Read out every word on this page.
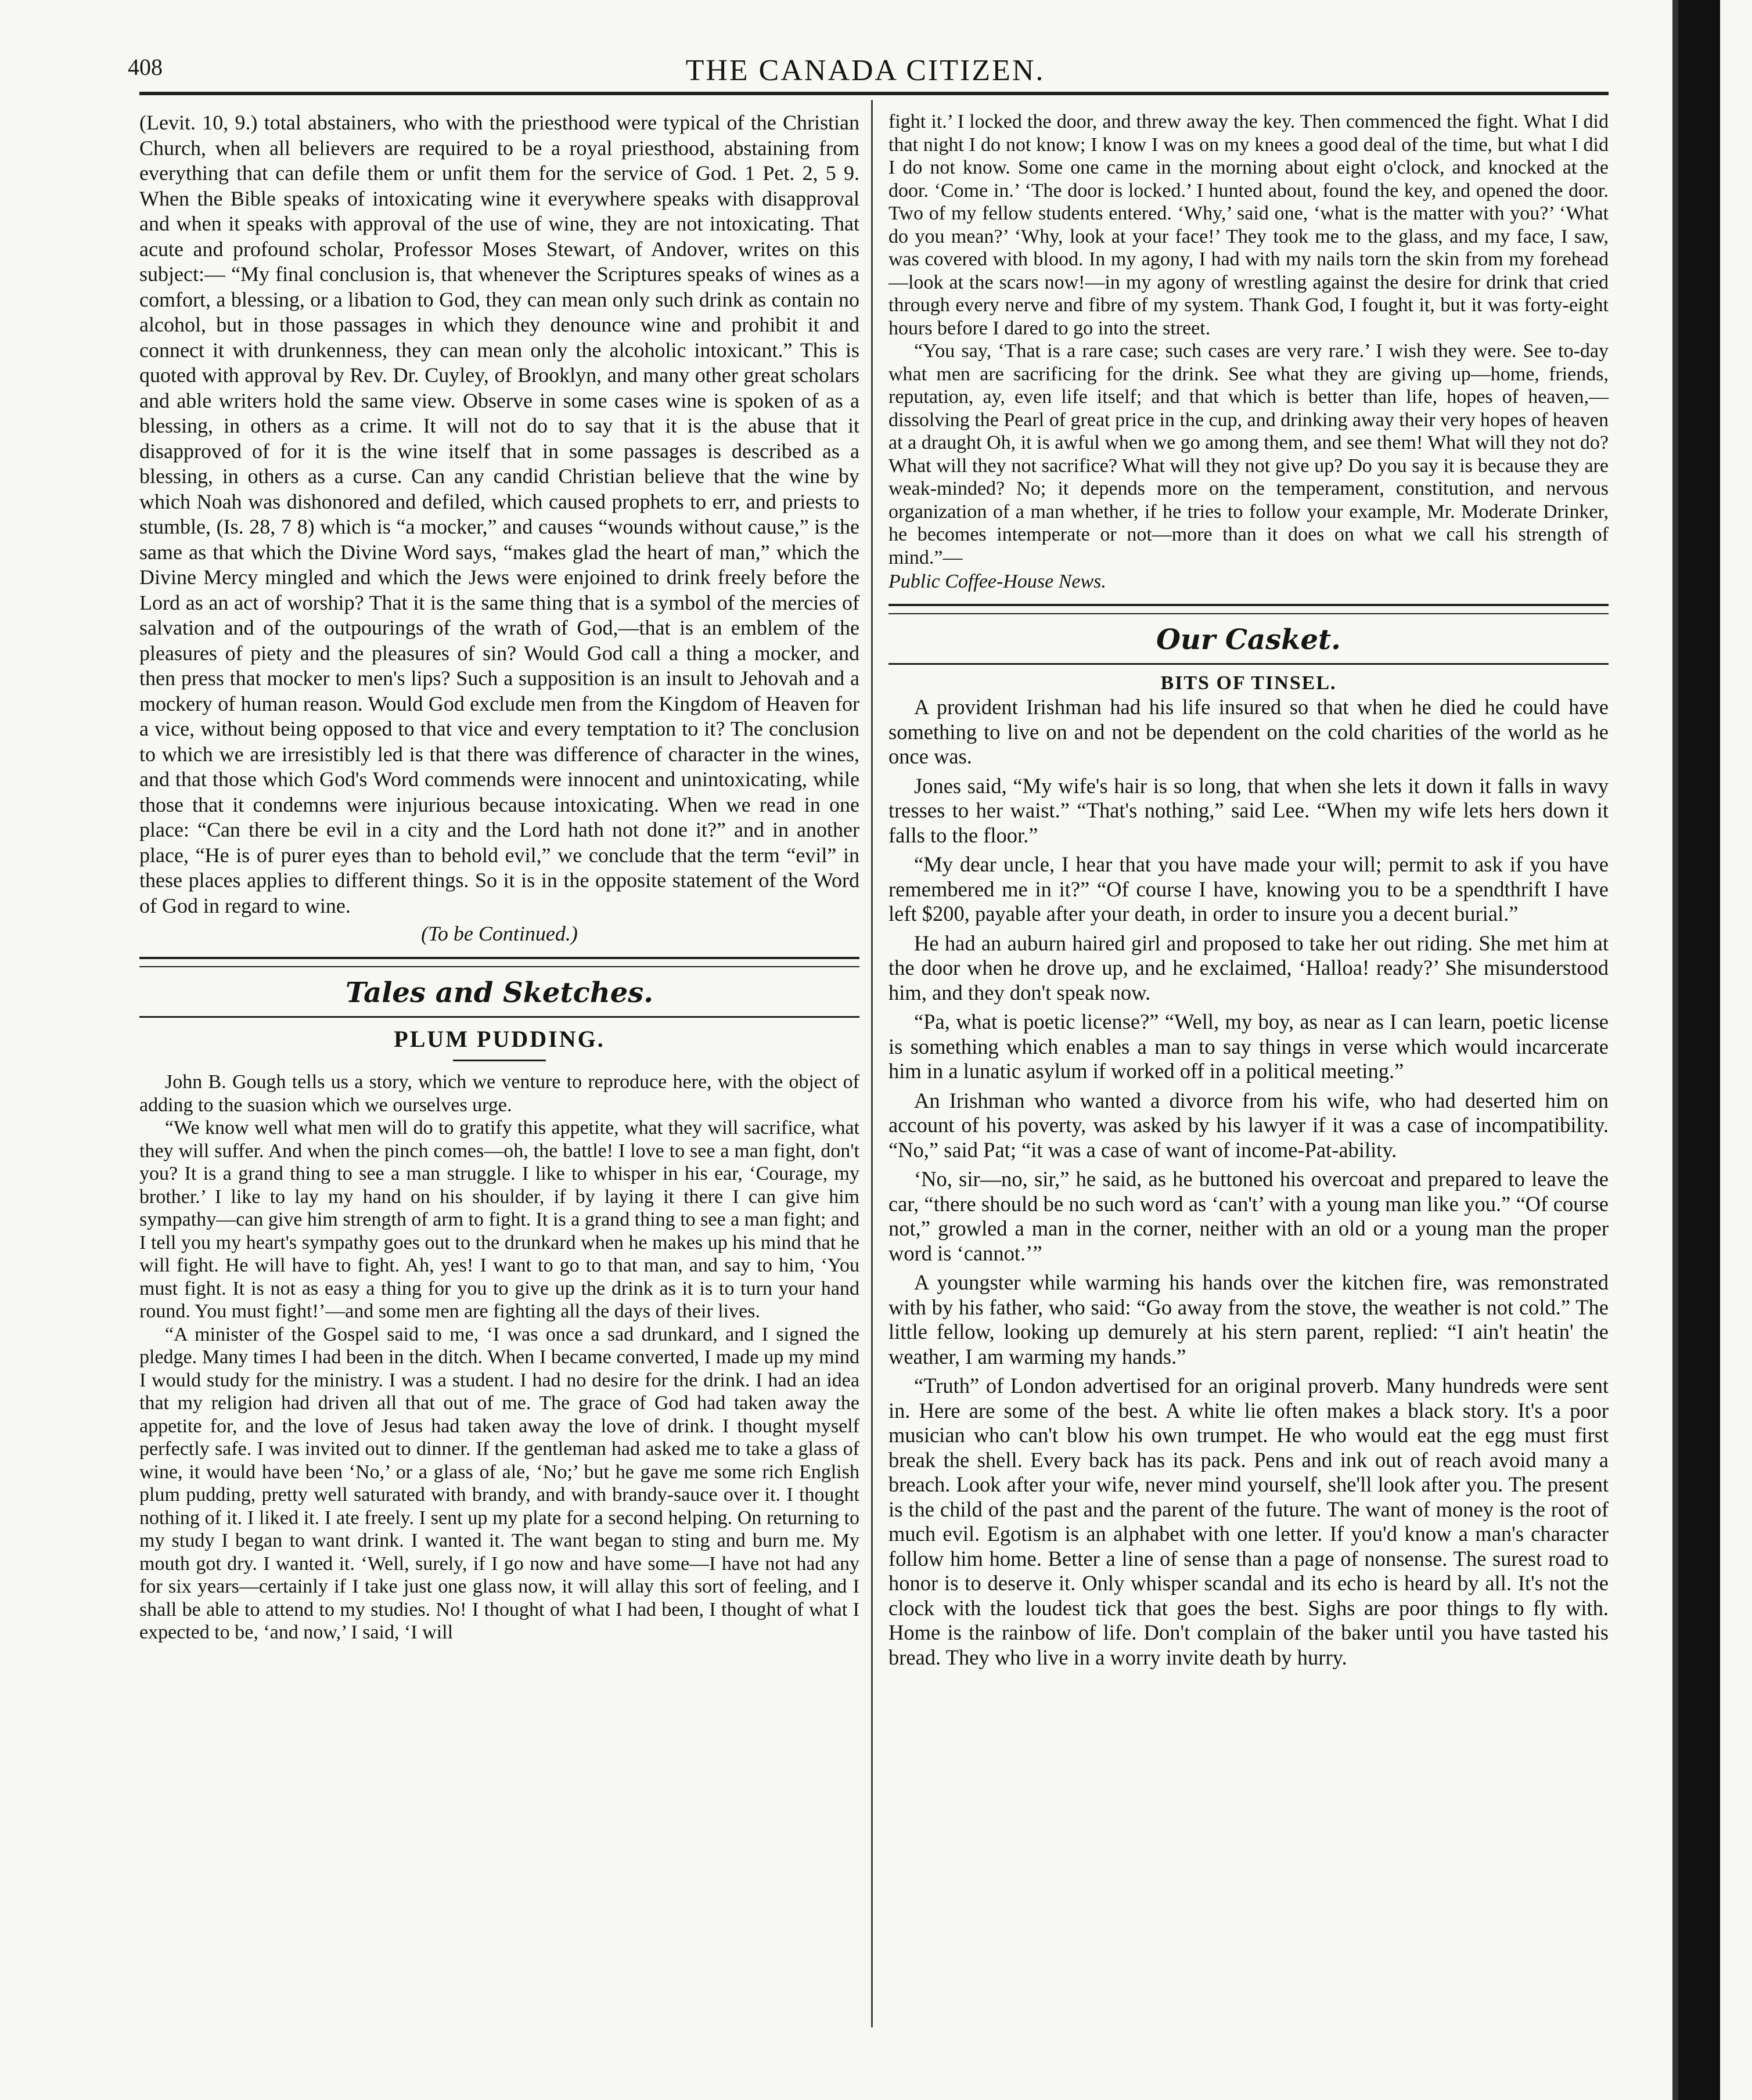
408	THE CANADA CITIZEN.

(Levit. 10, 9.) total abstainers, who with the priesthood were typical of the Christian Church, when all believers are required to be a royal priesthood, abstaining from everything that can defile them or unfit them for the service of God. 1 Pet. 2, 5 9. When the Bible speaks of intoxicating wine it everywhere speaks with disapproval and when it speaks with approval of the use of wine, they are not intoxicating. That acute and profound scholar, Professor Moses Stewart, of Andover, writes on this subject:— “My final conclusion is, that whenever the Scriptures speaks of wines as a comfort, a blessing, or a libation to God, they can mean only such drink as contain no alcohol, but in those passages in which they denounce wine and prohibit it and connect it with drunkenness, they can mean only the alcoholic intoxicant.” This is quoted with approval by Rev. Dr. Cuyley, of Brooklyn, and many other great scholars and able writers hold the same view. Observe in some cases wine is spoken of as a blessing, in others as a crime. It will not do to say that it is the abuse that it disapproved of for it is the wine itself that in some passages is described as a blessing, in others as a curse. Can any candid Christian believe that the wine by which Noah was dishonored and defiled, which caused prophets to err, and priests to stumble, (Is. 28, 7 8) which is “a mocker,” and causes “wounds without cause,” is the same as that which the Divine Word says, “makes glad the heart of man,” which the Divine Mercy mingled and which the Jews were enjoined to drink freely before the Lord as an act of worship? That it is the same thing that is a symbol of the mercies of salvation and of the outpourings of the wrath of God,—that is an emblem of the pleasures of piety and the pleasures of sin? Would God call a thing a mocker, and then press that mocker to men's lips? Such a supposition is an insult to Jehovah and a mockery of human reason. Would God exclude men from the Kingdom of Heaven for a vice, without being opposed to that vice and every temptation to it? The conclusion to which we are irresistibly led is that there was difference of character in the wines, and that those which God's Word commends were innocent and unintoxicating, while those that it condemns were injurious because intoxicating. When we read in one place: “Can there be evil in a city and the Lord hath not done it?” and in another place, “He is of purer eyes than to behold evil,” we conclude that the term “evil” in these places applies to different things. So it is in the opposite statement of the Word of God in regard to wine.

(To be Continued.)

Tales and Sketches.
PLUM PUDDING.

John B. Gough tells us a story, which we venture to reproduce here, with the object of adding to the suasion which we ourselves urge.

“We know well what men will do to gratify this appetite, what they will sacrifice, what they will suffer. And when the pinch comes—oh, the battle! I love to see a man fight, don't you? It is a grand thing to see a man struggle. I like to whisper in his ear, ‘Courage, my brother.’ I like to lay my hand on his shoulder, if by laying it there I can give him sympathy—can give him strength of arm to fight. It is a grand thing to see a man fight; and I tell you my heart's sympathy goes out to the drunkard when he makes up his mind that he will fight. He will have to fight. Ah, yes! I want to go to that man, and say to him, ‘You must fight. It is not as easy a thing for you to give up the drink as it is to turn your hand round. You must fight!’—and some men are fighting all the days of their lives.

“A minister of the Gospel said to me, ‘I was once a sad drunkard, and I signed the pledge. Many times I had been in the ditch. When I became converted, I made up my mind I would study for the ministry. I was a student. I had no desire for the drink. I had an idea that my religion had driven all that out of me. The grace of God had taken away the appetite for, and the love of Jesus had taken away the love of drink. I thought myself perfectly safe. I was invited out to dinner. If the gentleman had asked me to take a glass of wine, it would have been ‘No,’ or a glass of ale, ‘No;’ but he gave me some rich English plum pudding, pretty well saturated with brandy, and with brandy-sauce over it. I thought nothing of it. I liked it. I ate freely. I sent up my plate for a second helping. On returning to my study I began to want drink. I wanted it. The want began to sting and burn me. My mouth got dry. I wanted it. ‘Well, surely, if I go now and have some—I have not had any for six years—certainly if I take just one glass now, it will allay this sort of feeling, and I shall be able to attend to my studies. No! I thought of what I had been, I thought of what I expected to be, ‘and now,’ I said, ‘I will

fight it.’ I locked the door, and threw away the key. Then commenced the fight. What I did that night I do not know; I know I was on my knees a good deal of the time, but what I did I do not know. Some one came in the morning about eight o'clock, and knocked at the door. ‘Come in.’ ‘The door is locked.’ I hunted about, found the key, and opened the door. Two of my fellow students entered. ‘Why,’ said one, ‘what is the matter with you?’ ‘What do you mean?’ ‘Why, look at your face!’ They took me to the glass, and my face, I saw, was covered with blood. In my agony, I had with my nails torn the skin from my forehead—look at the scars now!—in my agony of wrestling against the desire for drink that cried through every nerve and fibre of my system. Thank God, I fought it, but it was forty-eight hours before I dared to go into the street.

“You say, ‘That is a rare case; such cases are very rare.’ I wish they were. See to-day what men are sacrificing for the drink. See what they are giving up—home, friends, reputation, ay, even life itself; and that which is better than life, hopes of heaven,—dissolving the Pearl of great price in the cup, and drinking away their very hopes of heaven at a draught Oh, it is awful when we go among them, and see them! What will they not do? What will they not sacrifice? What will they not give up? Do you say it is because they are weak-minded? No; it depends more on the temperament, constitution, and nervous organization of a man whether, if he tries to follow your example, Mr. Moderate Drinker, he becomes intemperate or not—more than it does on what we call his strength of mind.”—

Public Coffee-House News.

Our Casket.
BITS OF TINSEL.

A provident Irishman had his life insured so that when he died he could have something to live on and not be dependent on the cold charities of the world as he once was.

Jones said, “My wife's hair is so long, that when she lets it down it falls in wavy tresses to her waist.” “That's nothing,” said Lee. “When my wife lets hers down it falls to the floor.”

“My dear uncle, I hear that you have made your will; permit to ask if you have remembered me in it?” “Of course I have, knowing you to be a spendthrift I have left $200, payable after your death, in order to insure you a decent burial.”

He had an auburn haired girl and proposed to take her out riding. She met him at the door when he drove up, and he exclaimed, ‘Halloa! ready?’ She misunderstood him, and they don't speak now.

“Pa, what is poetic license?” “Well, my boy, as near as I can learn, poetic license is something which enables a man to say things in verse which would incarcerate him in a lunatic asylum if worked off in a political meeting.”

An Irishman who wanted a divorce from his wife, who had deserted him on account of his poverty, was asked by his lawyer if it was a case of incompatibility. “No,” said Pat; “it was a case of want of income-Pat-ability.

‘No, sir—no, sir,” he said, as he buttoned his overcoat and prepared to leave the car, “there should be no such word as ‘can't’ with a young man like you.” “Of course not,” growled a man in the corner, neither with an old or a young man the proper word is ‘cannot.’”

A youngster while warming his hands over the kitchen fire, was remonstrated with by his father, who said: “Go away from the stove, the weather is not cold.” The little fellow, looking up demurely at his stern parent, replied: “I ain't heatin' the weather, I am warming my hands.”

“Truth” of London advertised for an original proverb. Many hundreds were sent in. Here are some of the best. A white lie often makes a black story. It's a poor musician who can't blow his own trumpet. He who would eat the egg must first break the shell. Every back has its pack. Pens and ink out of reach avoid many a breach. Look after your wife, never mind yourself, she'll look after you. The present is the child of the past and the parent of the future. The want of money is the root of much evil. Egotism is an alphabet with one letter. If you'd know a man's character follow him home. Better a line of sense than a page of nonsense. The surest road to honor is to deserve it. Only whisper scandal and its echo is heard by all. It's not the clock with the loudest tick that goes the best. Sighs are poor things to fly with. Home is the rainbow of life. Don't complain of the baker until you have tasted his bread. They who live in a worry invite death by hurry.
